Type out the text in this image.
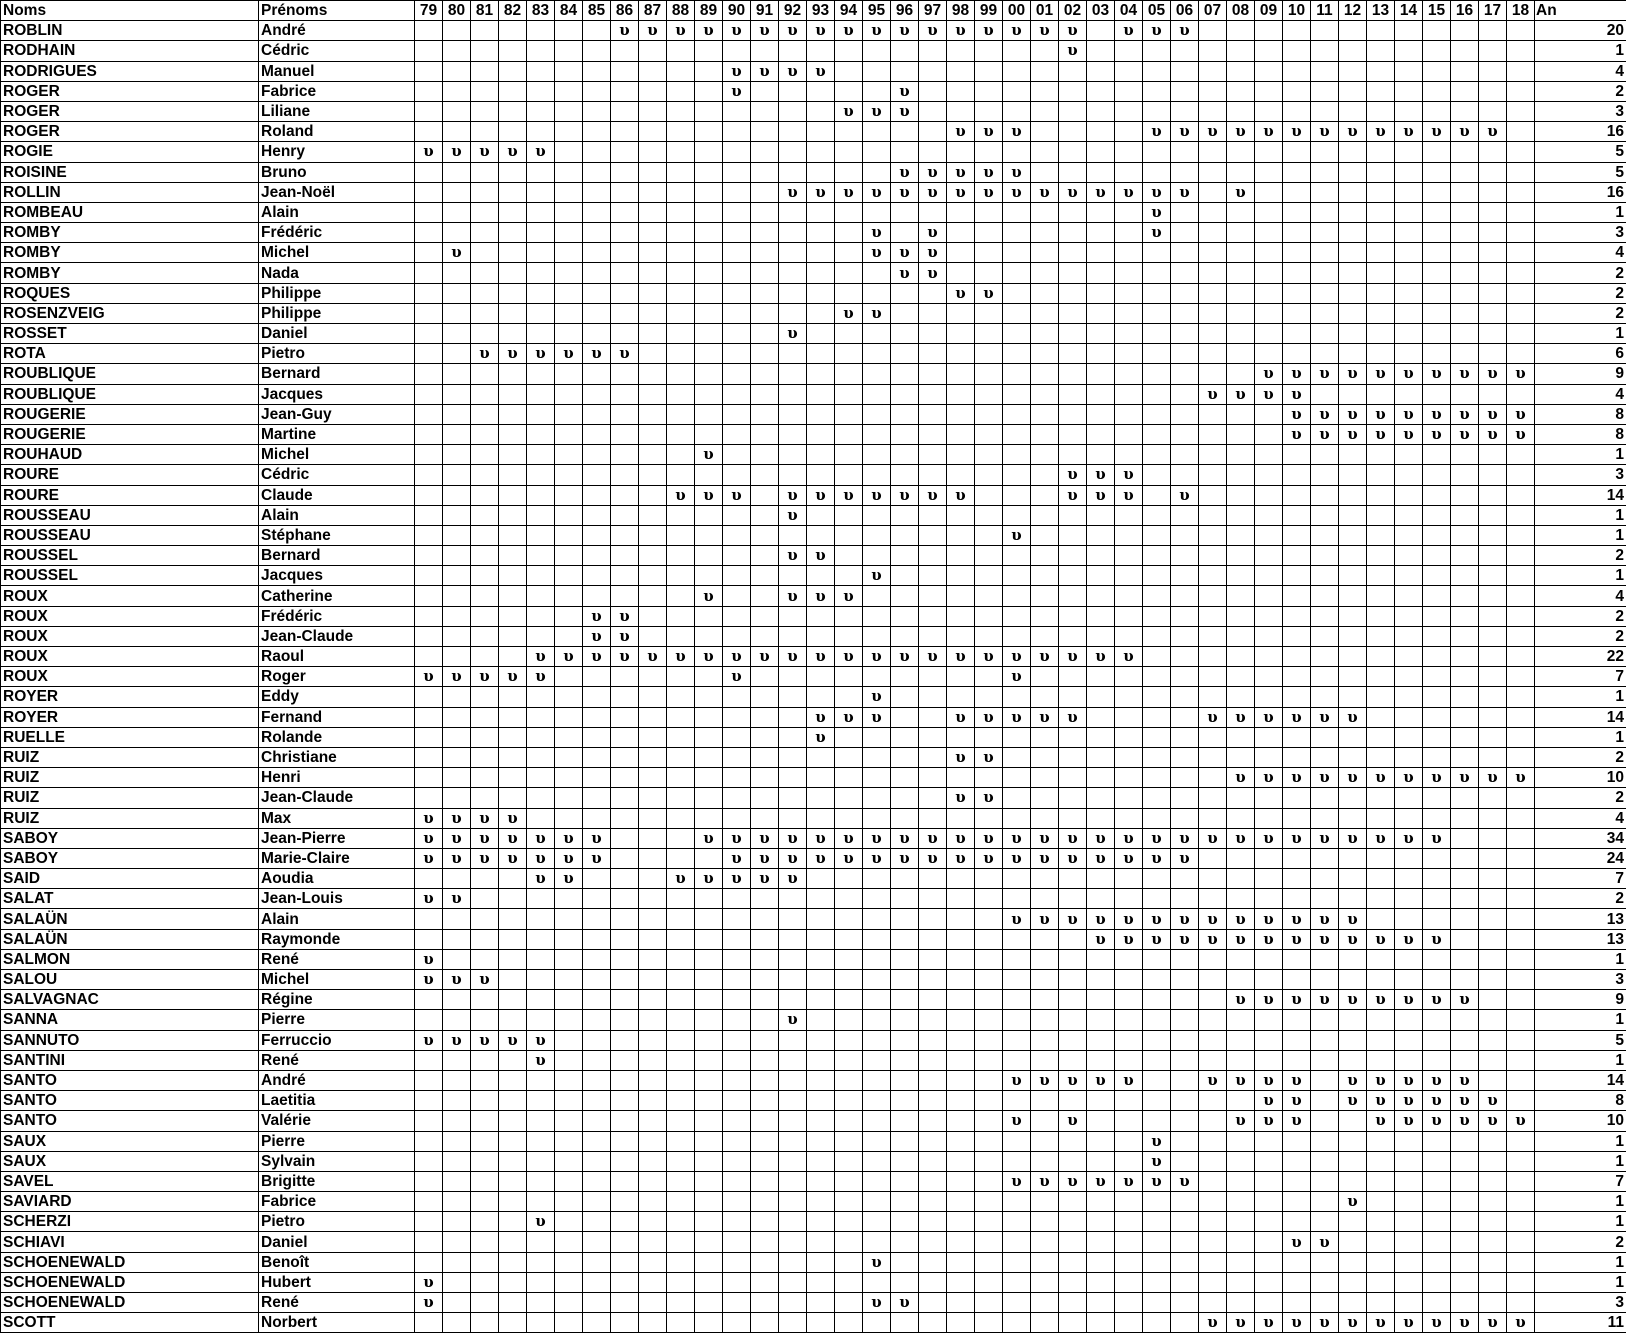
Noms	Prénoms	79	80	81	82	83	84	85	86	87	88	89	90	91	92	93	94	95	96	97	98	99	00	01	02	03	04	05	06	07	08	09	10	11	12	13	14	15	16	17	18	An
ROBLIN	André								υ	υ	υ	υ	υ	υ	υ	υ	υ	υ	υ	υ	υ	υ	υ	υ	υ		υ	υ	υ													20
RODHAIN	Cédric																								υ																	1
RODRIGUES	Manuel												υ	υ	υ	υ																										4
ROGER	Fabrice												υ						υ																							2
ROGER	Liliane																υ	υ	υ																							3
ROGER	Roland																				υ	υ	υ					υ	υ	υ	υ	υ	υ	υ	υ	υ	υ	υ	υ	υ		16
ROGIE	Henry	υ	υ	υ	υ	υ																																				5
ROISINE	Bruno																		υ	υ	υ	υ	υ																			5
ROLLIN	Jean-Noël														υ	υ	υ	υ	υ	υ	υ	υ	υ	υ	υ	υ	υ	υ	υ		υ											16
ROMBEAU	Alain																											υ														1
ROMBY	Frédéric																	υ		υ								υ														3
ROMBY	Michel		υ															υ	υ	υ																						4
ROMBY	Nada																		υ	υ																						2
ROQUES	Philippe																				υ	υ																				2
ROSENZVEIG	Philippe																υ	υ																								2
ROSSET	Daniel														υ																											1
ROTA	Pietro			υ	υ	υ	υ	υ	υ																																	6
ROUBLIQUE	Bernard																															υ	υ	υ	υ	υ	υ	υ	υ	υ	υ	9
ROUBLIQUE	Jacques																													υ	υ	υ	υ									4
ROUGERIE	Jean-Guy																																υ	υ	υ	υ	υ	υ	υ	υ	υ	8
ROUGERIE	Martine																																υ	υ	υ	υ	υ	υ	υ	υ	υ	8
ROUHAUD	Michel											υ																														1
ROURE	Cédric																								υ	υ	υ															3
ROURE	Claude										υ	υ	υ		υ	υ	υ	υ	υ	υ	υ				υ	υ	υ		υ													14
ROUSSEAU	Alain														υ																											1
ROUSSEAU	Stéphane																						υ																			1
ROUSSEL	Bernard														υ	υ																										2
ROUSSEL	Jacques																	υ																								1
ROUX	Catherine											υ			υ	υ	υ																									4
ROUX	Frédéric							υ	υ																																	2
ROUX	Jean-Claude							υ	υ																																	2
ROUX	Raoul					υ	υ	υ	υ	υ	υ	υ	υ	υ	υ	υ	υ	υ	υ	υ	υ	υ	υ	υ	υ	υ	υ															22
ROUX	Roger	υ	υ	υ	υ	υ							υ										υ																			7
ROYER	Eddy																	υ																								1
ROYER	Fernand															υ	υ	υ			υ	υ	υ	υ	υ					υ	υ	υ	υ	υ	υ							14
RUELLE	Rolande															υ																										1
RUIZ	Christiane																				υ	υ																				2
RUIZ	Henri																														υ	υ	υ	υ	υ	υ	υ	υ	υ	υ	υ	10
RUIZ	Jean-Claude																				υ	υ																				2
RUIZ	Max	υ	υ	υ	υ																																					4
SABOY	Jean-Pierre	υ	υ	υ	υ	υ	υ	υ				υ	υ	υ	υ	υ	υ	υ	υ	υ	υ	υ	υ	υ	υ	υ	υ	υ	υ	υ	υ	υ	υ	υ	υ	υ	υ	υ				34
SABOY	Marie-Claire	υ	υ	υ	υ	υ	υ	υ					υ	υ	υ	υ	υ	υ	υ	υ	υ	υ	υ	υ	υ	υ	υ	υ	υ													24
SAID	Aoudia					υ	υ				υ	υ	υ	υ	υ																											7
SALAT	Jean-Louis	υ	υ																																							2
SALAÜN	Alain																						υ	υ	υ	υ	υ	υ	υ	υ	υ	υ	υ	υ	υ							13
SALAÜN	Raymonde																									υ	υ	υ	υ	υ	υ	υ	υ	υ	υ	υ	υ	υ				13
SALMON	René	υ																																								1
SALOU	Michel	υ	υ	υ																																						3
SALVAGNAC	Régine																														υ	υ	υ	υ	υ	υ	υ	υ	υ			9
SANNA	Pierre														υ																											1
SANNUTO	Ferruccio	υ	υ	υ	υ	υ																																				5
SANTINI	René					υ																																				1
SANTO	André																						υ	υ	υ	υ	υ			υ	υ	υ	υ		υ	υ	υ	υ	υ			14
SANTO	Laetitia																															υ	υ		υ	υ	υ	υ	υ	υ		8
SANTO	Valérie																						υ		υ						υ	υ	υ			υ	υ	υ	υ	υ	υ	10
SAUX	Pierre																											υ														1
SAUX	Sylvain																											υ														1
SAVEL	Brigitte																						υ	υ	υ	υ	υ	υ	υ													7
SAVIARD	Fabrice																																		υ							1
SCHERZI	Pietro					υ																																				1
SCHIAVI	Daniel																																υ	υ								2
SCHOENEWALD	Benoît																	υ																								1
SCHOENEWALD	Hubert	υ																																								1
SCHOENEWALD	René	υ																υ	υ																							3
SCOTT	Norbert																													υ	υ	υ	υ	υ	υ	υ	υ	υ	υ	υ	υ	11
